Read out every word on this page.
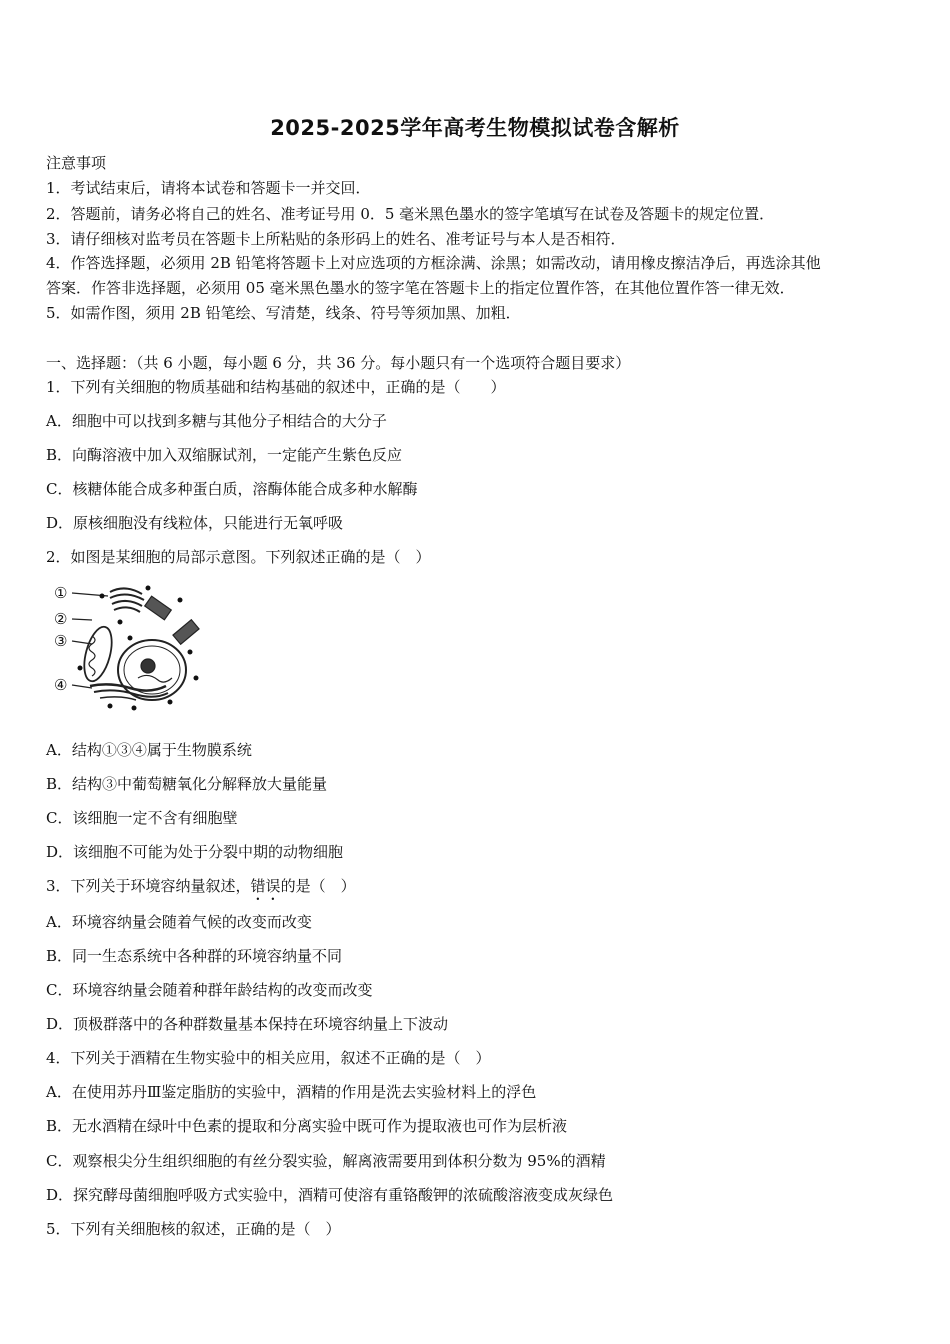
2025-2025学年高考生物模拟试卷含解析
注意事项
1．考试结束后，请将本试卷和答题卡一并交回．
2．答题前，请务必将自己的姓名、准考证号用 0．5 毫米黑色墨水的签字笔填写在试卷及答题卡的规定位置．
3．请仔细核对监考员在答题卡上所粘贴的条形码上的姓名、准考证号与本人是否相符．
4．作答选择题，必须用 2B 铅笔将答题卡上对应选项的方框涂满、涂黑；如需改动，请用橡皮擦洁净后，再选涂其他
答案．作答非选择题，必须用 05 毫米黑色墨水的签字笔在答题卡上的指定位置作答，在其他位置作答一律无效．
5．如需作图，须用 2B 铅笔绘、写清楚，线条、符号等须加黑、加粗．
一、选择题：（共 6 小题，每小题 6 分，共 36 分。每小题只有一个选项符合题目要求）
1．下列有关细胞的物质基础和结构基础的叙述中，正确的是（　　）
A．细胞中可以找到多糖与其他分子相结合的大分子
B．向酶溶液中加入双缩脲试剂，一定能产生紫色反应
C．核糖体能合成多种蛋白质，溶酶体能合成多种水解酶
D．原核细胞没有线粒体，只能进行无氧呼吸
2．如图是某细胞的局部示意图。下列叙述正确的是（　）
①
②
③
④
A．结构①③④属于生物膜系统
B．结构③中葡萄糖氧化分解释放大量能量
C．该细胞一定不含有细胞壁
D．该细胞不可能为处于分裂中期的动物细胞
3．下列关于环境容纳量叙述，错误的是（　）
A．环境容纳量会随着气候的改变而改变
B．同一生态系统中各种群的环境容纳量不同
C．环境容纳量会随着种群年龄结构的改变而改变
D．顶极群落中的各种群数量基本保持在环境容纳量上下波动
4．下列关于酒精在生物实验中的相关应用，叙述不正确的是（　）
A．在使用苏丹Ⅲ鉴定脂肪的实验中，酒精的作用是洗去实验材料上的浮色
B．无水酒精在绿叶中色素的提取和分离实验中既可作为提取液也可作为层析液
C．观察根尖分生组织细胞的有丝分裂实验，解离液需要用到体积分数为 95%的酒精
D．探究酵母菌细胞呼吸方式实验中，酒精可使溶有重铬酸钾的浓硫酸溶液变成灰绿色
5．下列有关细胞核的叙述，正确的是（　）
